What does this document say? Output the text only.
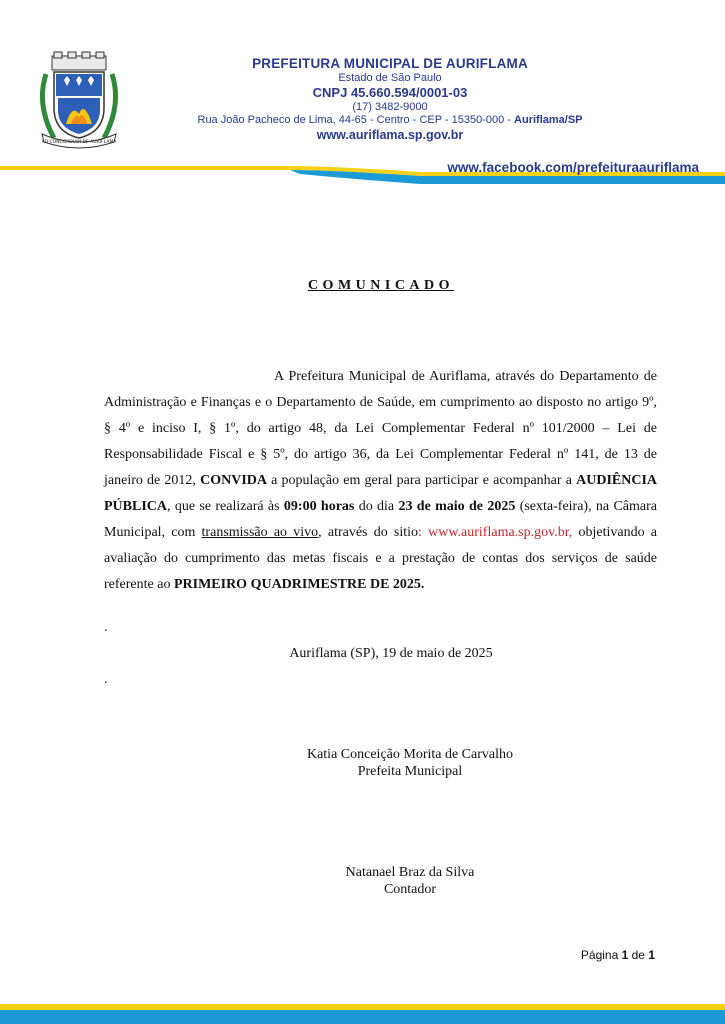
AD CONCORDIAM DE AURIFLAMA
PREFEITURA MUNICIPAL DE AURIFLAMA
Estado de São Paulo
CNPJ 45.660.594/0001-03
(17) 3482-9000
Rua João Pacheco de Lima, 44-65 - Centro - CEP - 15350-000 - Auriflama/SP
www.auriflama.sp.gov.br
www.facebook.com/prefeituraauriflama
COMUNICADO

A Prefeitura Municipal de Auriflama, através do Departamento de Administração e Finanças e o Departamento de Saúde, em cumprimento ao disposto no artigo 9º, § 4º e inciso I, § 1º, do artigo 48, da Lei Complementar Federal nº 101/2000 – Lei de Responsabilidade Fiscal e § 5º, do artigo 36, da Lei Complementar Federal nº 141, de 13 de janeiro de 2012, CONVIDA a população em geral para participar e acompanhar a AUDIÊNCIA PÚBLICA, que se realizará às 09:00 horas do dia 23 de maio de 2025 (sexta-feira), na Câmara Municipal, com transmissão ao vivo, através do sitio: www.auriflama.sp.gov.br, objetivando a avaliação do cumprimento das metas fiscais e a prestação de contas dos serviços de saúde referente ao PRIMEIRO QUADRIMESTRE DE 2025.

.
Auriflama (SP), 19 de maio de 2025
.
Katia Conceição Morita de Carvalho
Prefeita Municipal
Natanael Braz da Silva
Contador
Página 1 de 1
